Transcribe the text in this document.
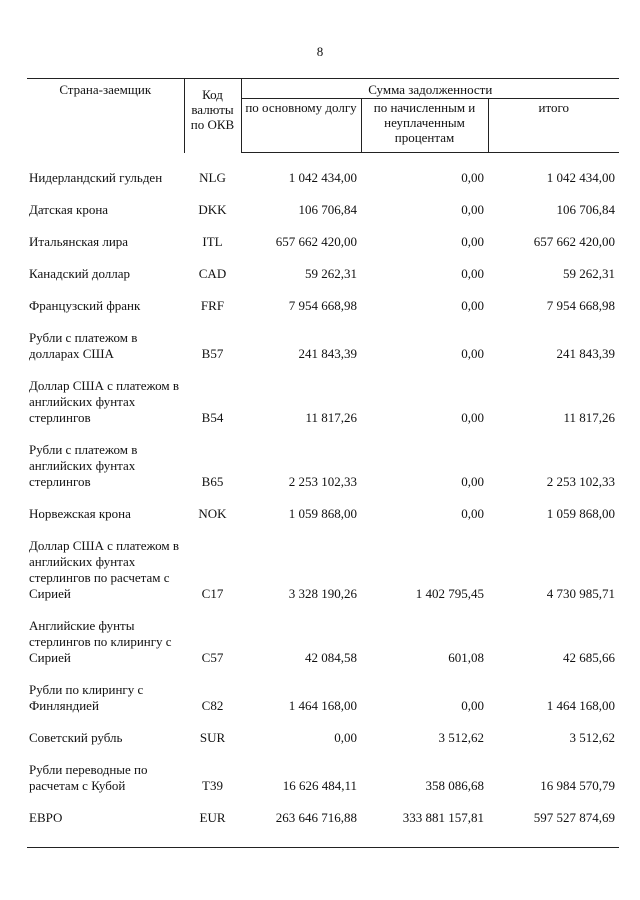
8
Страна-заемщик	Код валюты по ОКВ	Сумма задолженности		
		по основному долгу	по начисленным и неуплаченным процентам	итого
Нидерландский гульден	NLG	1 042 434,00	0,00	1 042 434,00
Датская крона	DKK	106 706,84	0,00	106 706,84
Итальянская лира	ITL	657 662 420,00	0,00	657 662 420,00
Канадский доллар	CAD	59 262,31	0,00	59 262,31
Французский франк	FRF	7 954 668,98	0,00	7 954 668,98
Рубли с платежом в долларах США	B57	241 843,39	0,00	241 843,39
Доллар США с платежом в английских фунтах стерлингов	B54	11 817,26	0,00	11 817,26
Рубли с платежом в английских фунтах стерлингов	B65	2 253 102,33	0,00	2 253 102,33
Норвежская крона	NOK	1 059 868,00	0,00	1 059 868,00
Доллар США с платежом в английских фунтах стерлингов по расчетам с Сирией	C17	3 328 190,26	1 402 795,45	4 730 985,71
Английские фунты стерлингов по клирингу с Сирией	C57	42 084,58	601,08	42 685,66
Рубли по клирингу с Финляндией	C82	1 464 168,00	0,00	1 464 168,00
Советский рубль	SUR	0,00	3 512,62	3 512,62
Рубли переводные по расчетам с Кубой	T39	16 626 484,11	358 086,68	16 984 570,79
ЕВРО	EUR	263 646 716,88	333 881 157,81	597 527 874,69
